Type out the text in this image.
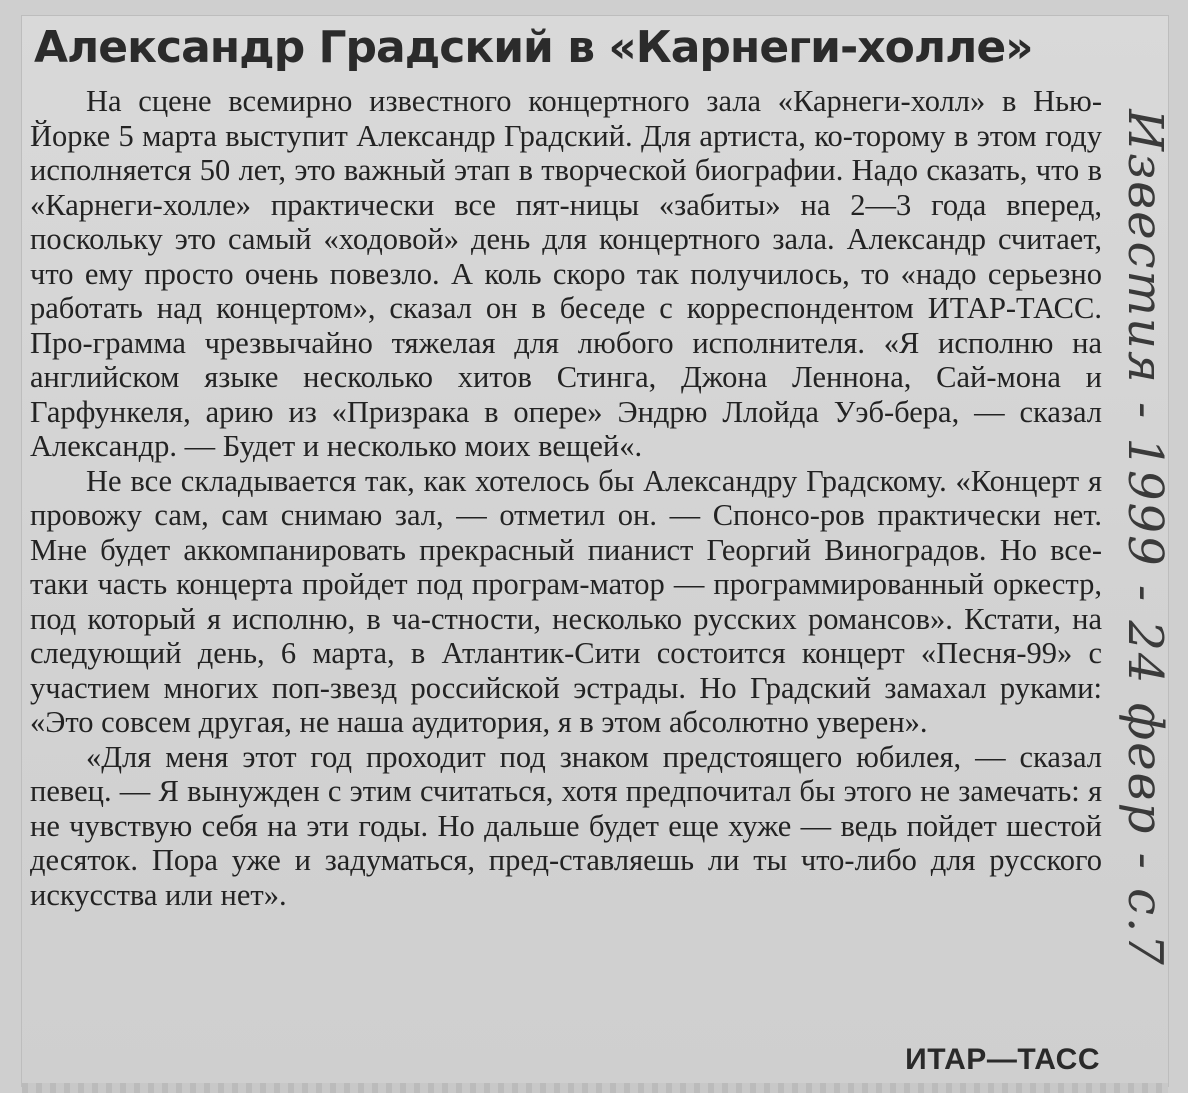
Александр Градский в «Карнеги-холле»

На сцене всемирно известного концертного зала «Карнеги-холл» в Нью-Йорке 5 марта выступит Александр Градский. Для артиста, ко-торому в этом году исполняется 50 лет, это важный этап в творческой биографии. Надо сказать, что в «Карнеги-холле» практически все пят-ницы «забиты» на 2—3 года вперед, поскольку это самый «ходовой» день для концертного зала. Александр считает, что ему просто очень повезло. А коль скоро так получилось, то «надо серьезно работать над концертом», сказал он в беседе с корреспондентом ИТАР-ТАСС. Про-грамма чрезвычайно тяжелая для любого исполнителя. «Я исполню на английском языке несколько хитов Стинга, Джона Леннона, Сай-мона и Гарфункеля, арию из «Призрака в опере» Эндрю Ллойда Уэб-бера, — сказал Александр. — Будет и несколько моих вещей«.

Не все складывается так, как хотелось бы Александру Градскому. «Концерт я провожу сам, сам снимаю зал, — отметил он. — Спонсо-ров практически нет. Мне будет аккомпанировать прекрасный пианист Георгий Виноградов. Но все-таки часть концерта пройдет под програм-матор — программированный оркестр, под который я исполню, в ча-стности, несколько русских романсов». Кстати, на следующий день, 6 марта, в Атлантик-Сити состоится концерт «Песня-99» с участием многих поп-звезд российской эстрады. Но Градский замахал руками: «Это совсем другая, не наша аудитория, я в этом абсолютно уверен».

«Для меня этот год проходит под знаком предстоящего юбилея, — сказал певец. — Я вынужден с этим считаться, хотя предпочитал бы этого не замечать: я не чувствую себя на эти годы. Но дальше будет еще хуже — ведь пойдет шестой десяток. Пора уже и задуматься, пред-ставляешь ли ты что-либо для русского искусства или нет».

ИТАР—ТАСС
Известия - 1999 - 24 февр - с.7
